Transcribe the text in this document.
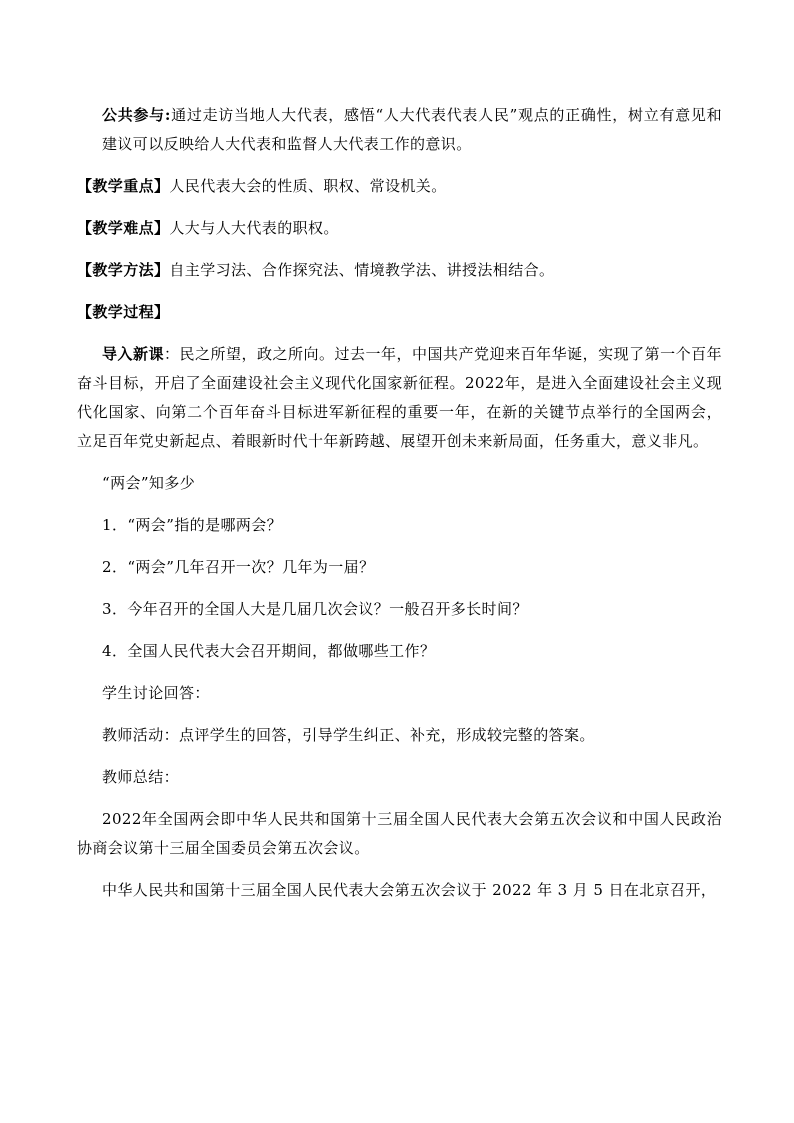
公共参与:通过走访当地人大代表，感悟“人大代表代表人民”观点的正确性，树立有意见和建议可以反映给人大代表和监督人大代表工作的意识。

【教学重点】人民代表大会的性质、职权、常设机关。

【教学难点】人大与人大代表的职权。

【教学方法】自主学习法、合作探究法、情境教学法、讲授法相结合。

【教学过程】

导入新课：民之所望，政之所向。过去一年，中国共产党迎来百年华诞，实现了第一个百年奋斗目标，开启了全面建设社会主义现代化国家新征程。2022年，是进入全面建设社会主义现代化国家、向第二个百年奋斗目标进军新征程的重要一年，在新的关键节点举行的全国两会，立足百年党史新起点、着眼新时代十年新跨越、展望开创未来新局面，任务重大，意义非凡。

“两会”知多少

1．“两会”指的是哪两会？

2．“两会”几年召开一次？几年为一届？

3．今年召开的全国人大是几届几次会议？一般召开多长时间？

4．全国人民代表大会召开期间，都做哪些工作？

学生讨论回答：

教师活动：点评学生的回答，引导学生纠正、补充，形成较完整的答案。

教师总结：

2022年全国两会即中华人民共和国第十三届全国人民代表大会第五次会议和中国人民政治协商会议第十三届全国委员会第五次会议。

中华人民共和国第十三届全国人民代表大会第五次会议于 2022 年 3 月 5 日在北京召开，
